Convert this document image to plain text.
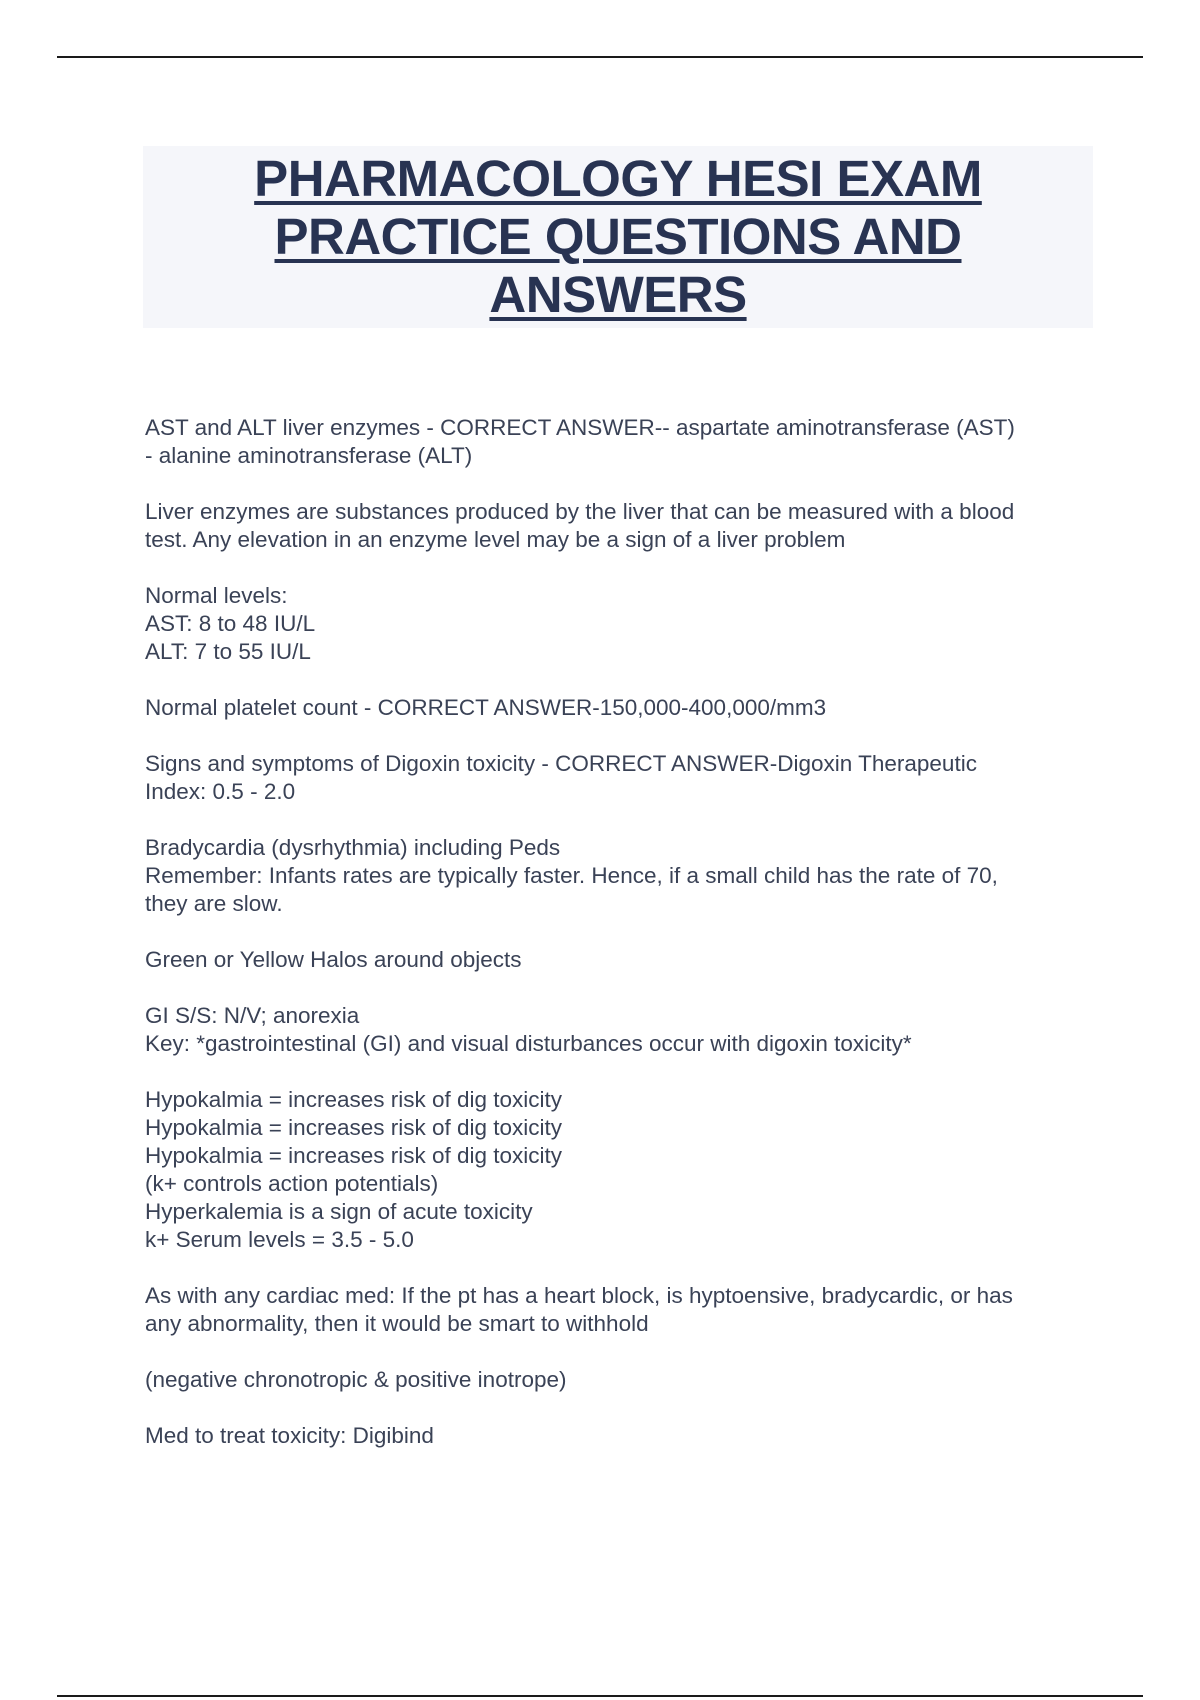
PHARMACOLOGY HESI EXAM
PRACTICE QUESTIONS AND
ANSWERS
AST and ALT liver enzymes - CORRECT ANSWER-- aspartate aminotransferase (AST)
- alanine aminotransferase (ALT)
Liver enzymes are substances produced by the liver that can be measured with a blood
test. Any elevation in an enzyme level may be a sign of a liver problem
Normal levels:
AST: 8 to 48 IU/L
ALT: 7 to 55 IU/L
Normal platelet count - CORRECT ANSWER-150,000-400,000/mm3
Signs and symptoms of Digoxin toxicity - CORRECT ANSWER-Digoxin Therapeutic
Index: 0.5 - 2.0
Bradycardia (dysrhythmia) including Peds
Remember: Infants rates are typically faster. Hence, if a small child has the rate of 70,
they are slow.
Green or Yellow Halos around objects
GI S/S: N/V; anorexia
Key: *gastrointestinal (GI) and visual disturbances occur with digoxin toxicity*
Hypokalmia = increases risk of dig toxicity
Hypokalmia = increases risk of dig toxicity
Hypokalmia = increases risk of dig toxicity
(k+ controls action potentials)
Hyperkalemia is a sign of acute toxicity
k+ Serum levels = 3.5 - 5.0
As with any cardiac med: If the pt has a heart block, is hyptoensive, bradycardic, or has
any abnormality, then it would be smart to withhold
(negative chronotropic & positive inotrope)
Med to treat toxicity: Digibind
